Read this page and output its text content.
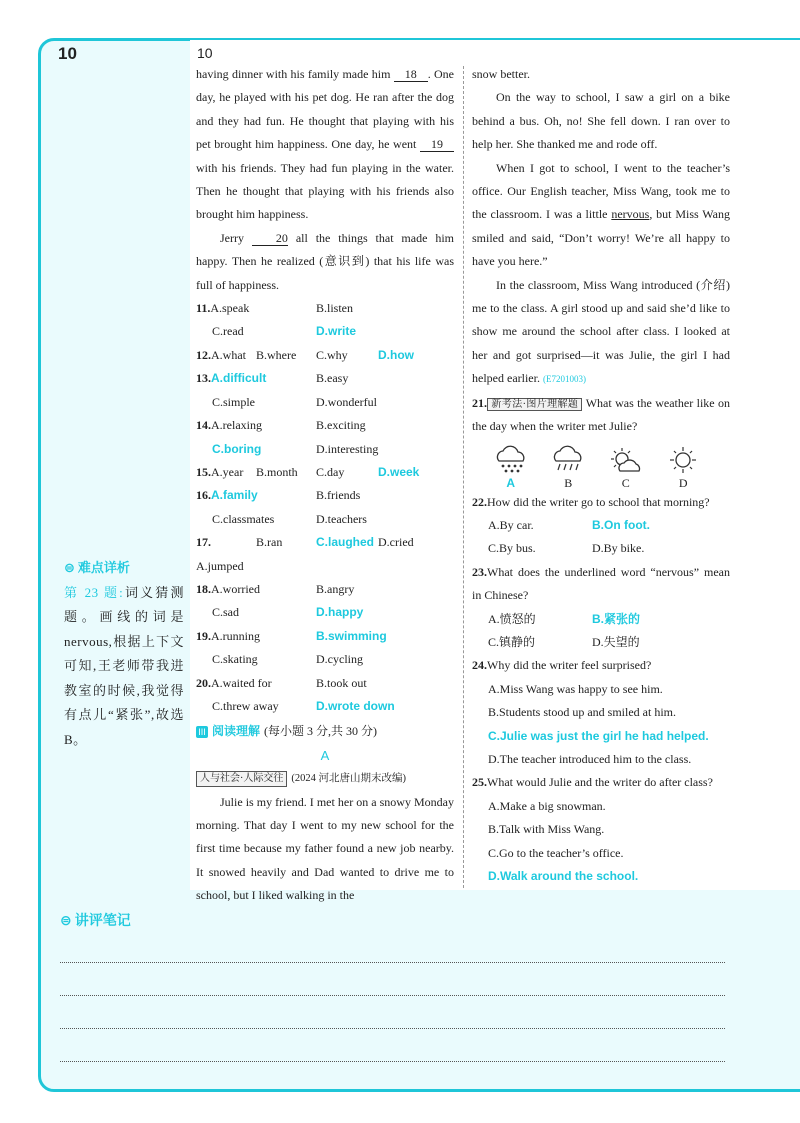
10	10

having dinner with his family made him 18 . One day, he played with his pet dog. He ran after the dog and they had fun. He thought that playing with his pet brought him happiness. One day, he went 19 with his friends. They had fun playing in the water. Then he thought that playing with his friends also brought him happiness.

Jerry 20 all the things that made him happy. Then he realized (意识到) that his life was full of happiness.

11.A.speak	B.listen
C.read	D.write
12.A.what B.where	C.why	D.how
13.A.difficult	B.easy
C.simple	D.wonderful
14.A.relaxing	B.exciting
C.boring	D.interesting
15.A.year	B.month	C.day	D.week
16.A.family	B.friends
C.classmates	D.teachers
17.A.jumped
B.ran	C.laughed D.cried
18.A.worried	B.angry
C.sad	D.happy
19.A.running	B.swimming
C.skating	D.cycling
20.A.waited for	B.took out
C.threw away	D.wrote down
III 阅读理解 (每小题 3 分,共 30 分)
A
人与社会·人际交往 (2024 河北唐山期末改编)

Julie is my friend. I met her on a snowy Monday morning. That day I went to my new school for the first time because my father found a new job nearby. It snowed heavily and Dad wanted to drive me to school, but I liked walking in the

snow better.

On the way to school, I saw a girl on a bike behind a bus. Oh, no! She fell down. I ran over to help her. She thanked me and rode off.

When I got to school, I went to the teacher’s office. Our English teacher, Miss Wang, took me to the classroom. I was a little nervous, but Miss Wang smiled and said, “Don’t worry! We’re all happy to have you here.”

In the classroom, Miss Wang introduced (介绍) me to the class. A girl stood up and said she’d like to show me around the school after class. I looked at her and got surprised—it was Julie, the girl I had helped earlier. (E7201003)

21. 新考法·图片理解题 What was the weather like on the day when the writer met Julie?

A	B	C	D

22.How did the writer go to school that morning?

A.By car.	B.On foot.
C.By bus.	D.By bike.

23.What does the underlined word “nervous” mean in Chinese?

A.愤怒的	B.紧张的
C.镇静的	D.失望的

24.Why did the writer feel surprised?

A.Miss Wang was happy to see him.
B.Students stood up and smiled at him.
C.Julie was just the girl he had helped.
D.The teacher introduced him to the class.

25.What would Julie and the writer do after class?

A.Make a big snowman.
B.Talk with Miss Wang.
C.Go to the teacher’s office.
D.Walk around the school.
⊜ 难点详析
第 23 题:词义猜测题。画线的词是 nervous,根据上下文可知,王老师带我进教室的时候,我觉得有点儿“紧张”,故选 B。
⊜ 讲评笔记
